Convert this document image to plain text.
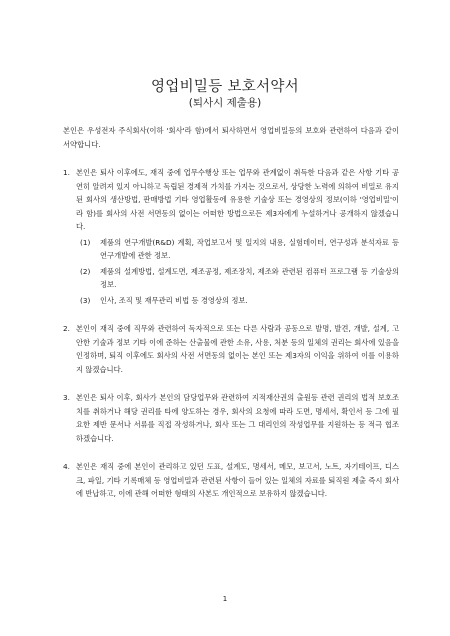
영업비밀등 보호서약서
(퇴사시 제출용)

본인은 우성전자 주식회사(이하 '회사'라 함)에서 퇴사하면서 영업비밀등의 보호와 관련하여 다음과 같이 서약합니다.

1. 본인은 퇴사 이후에도, 재직 중에 업무수행상 또는 업무와 관계없이 취득한 다음과 같은 사항 기타 공연히 알려져 있지 아니하고 독립된 경제적 가치를 가지는 것으로서, 상당한 노력에 의하여 비밀로 유지된 회사의 생산방법, 판매방법 기타 영업활동에 유용한 기술상 또는 경영상의 정보(이하 '영업비밀'이라 함)를 회사의 사전 서면동의 없이는 어떠한 방법으로든 제3자에게 누설하거나 공개하지 않겠습니다.
(1)	제품의 연구개발(R&D) 계획, 작업보고서 및 일지의 내용, 실험데이터, 연구성과 분석자료 등 연구개발에 관한 정보.
(2)	제품의 설계방법, 설계도면, 제조공정, 제조장치, 제조와 관련된 컴퓨터 프로그램 등 기술상의 정보.
(3)	인사, 조직 및 재무관리 비법 등 경영상의 정보.
2. 본인이 재직 중에 직무와 관련하여 독자적으로 또는 다른 사람과 공동으로 발명, 발견, 개발, 설계, 고안한 기술과 정보 기타 이에 준하는 산출물에 관한 소유, 사용, 처분 등의 일체의 권리는 회사에 있음을 인정하며, 퇴직 이후에도 회사의 사전 서면동의 없이는 본인 또는 제3자의 이익을 위하여 이를 이용하지 않겠습니다.
3. 본인은 퇴사 이후, 회사가 본인의 담당업무와 관련하여 지적재산권의 출원등 관련 권리의 법적 보호조치를 취하거나 해당 권리를 타에 양도하는 경우, 회사의 요청에 따라 도면, 명세서, 확인서 등 그에 필요한 제반 문서나 서류를 직접 작성하거나, 회사 또는 그 대리인의 작성업무를 지원하는 등 적극 협조하겠습니다.
4. 본인은 재직 중에 본인이 관리하고 있던 도표, 설계도, 명세서, 메모, 보고서, 노트, 자기테이프, 디스크, 파일, 기타 기록매체 등 영업비밀과 관련된 사항이 들어 있는 일체의 자료를 퇴직원 제출 즉시 회사에 반납하고, 이에 관해 어떠한 형태의 사본도 개인적으로 보유하지 않겠습니다.
1
